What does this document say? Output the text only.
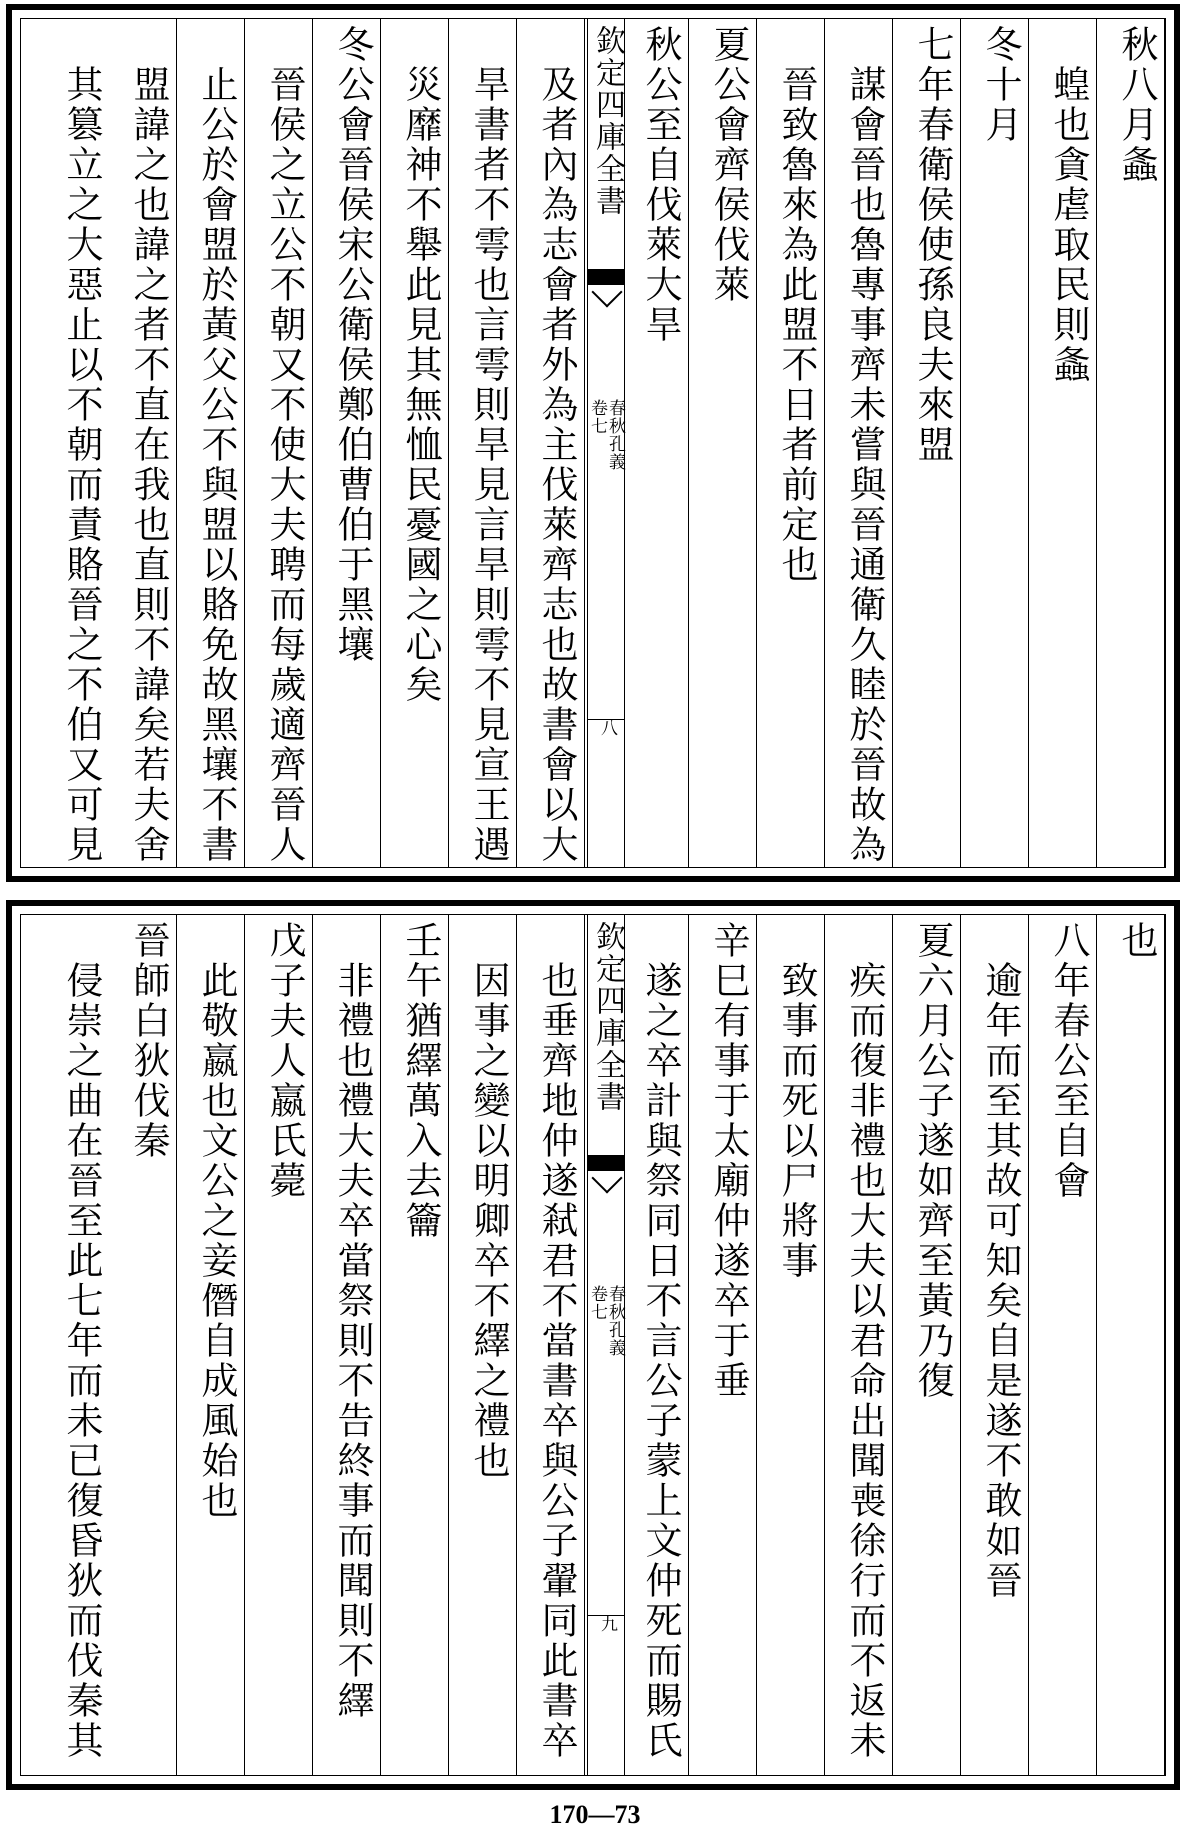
秋八月螽
　蝗也貪虐取民則螽
冬十月
七年春衛侯使孫良夫來盟
　謀會晉也魯專事齊未嘗與晉通衛久睦於晉故為
　晉致魯來為此盟不日者前定也
夏公會齊侯伐萊
秋公至自伐萊大旱
欽定四庫全書
春秋孔義
卷七
八
　及者內為志會者外為主伐萊齊志也故書會以大
　旱書者不雩也言雩則旱見言旱則雩不見宣王遇
　災靡神不舉此見其無恤民憂國之心矣
冬公會晉侯宋公衛侯鄭伯曹伯于黑壤
　晉侯之立公不朝又不使大夫聘而每歲適齊晉人
　止公於會盟於黃父公不與盟以賂免故黑壤不書
　盟諱之也諱之者不直在我也直則不諱矣若夫舍
　其篡立之大惡止以不朝而責賂晉之不伯又可見
也
八年春公至自會
　逾年而至其故可知矣自是遂不敢如晉
夏六月公子遂如齊至黃乃復
　疾而復非禮也大夫以君命出聞喪徐行而不返未
　致事而死以尸將事
辛巳有事于太廟仲遂卒于垂
　遂之卒計與祭同日不言公子蒙上文仲死而賜氏
欽定四庫全書
春秋孔義
卷七
九
　也垂齊地仲遂弒君不當書卒與公子翬同此書卒
　因事之變以明卿卒不繹之禮也
壬午猶繹萬入去籥
　非禮也禮大夫卒當祭則不告終事而聞則不繹
戊子夫人嬴氏薨
　此敬嬴也文公之妾僭自成風始也
晉師白狄伐秦
　侵崇之曲在晉至此七年而未已復昏狄而伐秦其
170—73
